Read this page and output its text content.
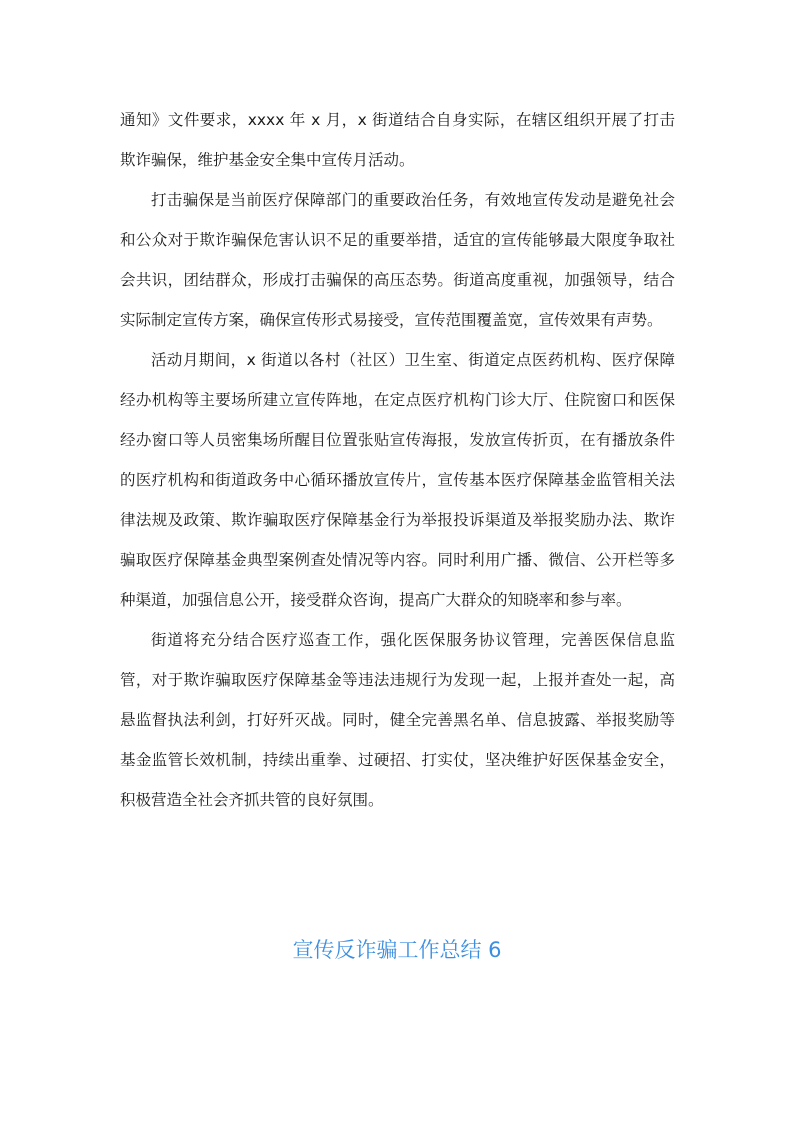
通知》文件要求，xxxx 年 x 月，x 街道结合自身实际，在辖区组织开展了打击欺诈骗保，维护基金安全集中宣传月活动。

打击骗保是当前医疗保障部门的重要政治任务，有效地宣传发动是避免社会和公众对于欺诈骗保危害认识不足的重要举措，适宜的宣传能够最大限度争取社会共识，团结群众，形成打击骗保的高压态势。街道高度重视，加强领导，结合实际制定宣传方案，确保宣传形式易接受，宣传范围覆盖宽，宣传效果有声势。

活动月期间，x 街道以各村（社区）卫生室、街道定点医药机构、医疗保障经办机构等主要场所建立宣传阵地，在定点医疗机构门诊大厅、住院窗口和医保经办窗口等人员密集场所醒目位置张贴宣传海报，发放宣传折页，在有播放条件的医疗机构和街道政务中心循环播放宣传片，宣传基本医疗保障基金监管相关法律法规及政策、欺诈骗取医疗保障基金行为举报投诉渠道及举报奖励办法、欺诈骗取医疗保障基金典型案例查处情况等内容。同时利用广播、微信、公开栏等多种渠道，加强信息公开，接受群众咨询，提高广大群众的知晓率和参与率。

街道将充分结合医疗巡查工作，强化医保服务协议管理，完善医保信息监管，对于欺诈骗取医疗保障基金等违法违规行为发现一起，上报并查处一起，高悬监督执法利剑，打好歼灭战。同时，健全完善黑名单、信息披露、举报奖励等基金监管长效机制，持续出重拳、过硬招、打实仗，坚决维护好医保基金安全，积极营造全社会齐抓共管的良好氛围。

宣传反诈骗工作总结 6
